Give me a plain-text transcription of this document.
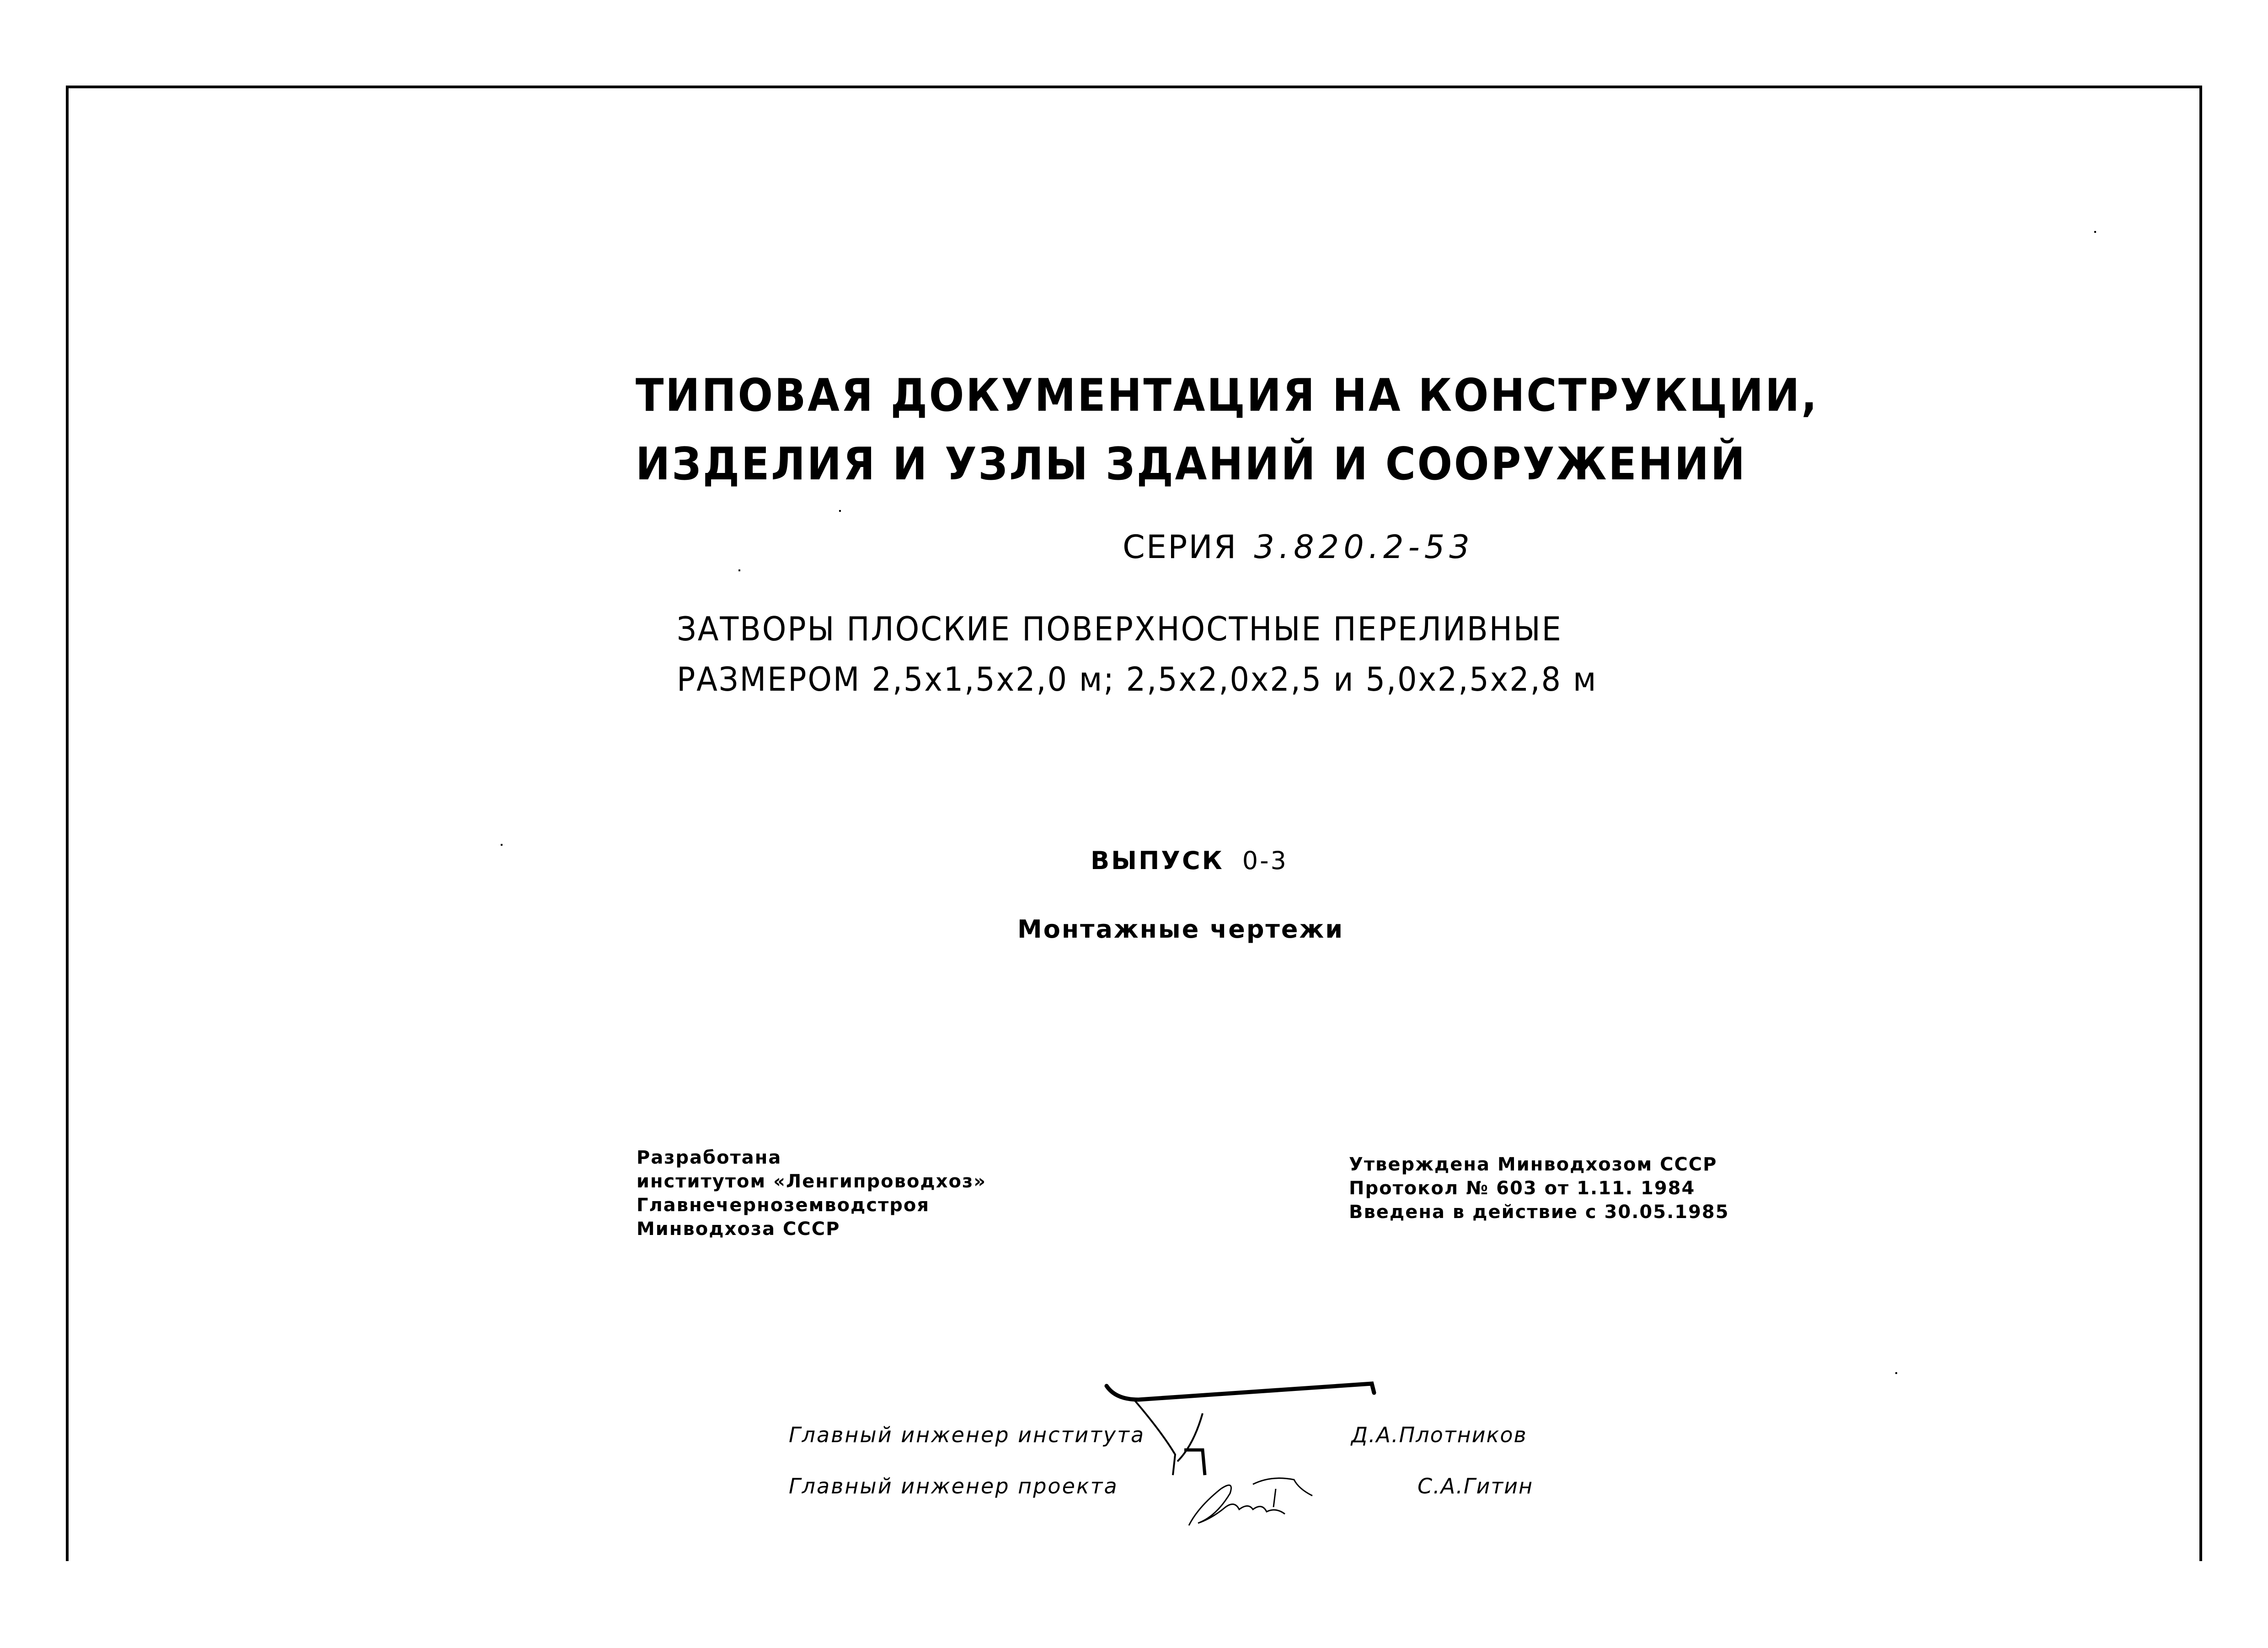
ТИПОВАЯ ДОКУМЕНТАЦИЯ НА КОНСТРУКЦИИ,
ИЗДЕЛИЯ И УЗЛЫ ЗДАНИЙ И СООРУЖЕНИЙ
СЕРИЯ 3.820.2-53
ЗАТВОРЫ ПЛОСКИЕ ПОВЕРХНОСТНЫЕ ПЕРЕЛИВНЫЕ
РАЗМЕРОМ 2,5х1,5х2,0 м; 2,5х2,0х2,5 и 5,0х2,5х2,8 м
ВЫПУСК 0-3
Монтажные чертежи
Разработана
институтом «Ленгипроводхоз»
Главнечерноземводстроя
Минводхоза СССР
Утверждена Минводхозом СССР
Протокол № 603 от 1.11. 1984
Введена в действие с 30.05.1985
Главный инженер института	Д.А.Плотников
Главный инженер проекта	С.А.Гитин
